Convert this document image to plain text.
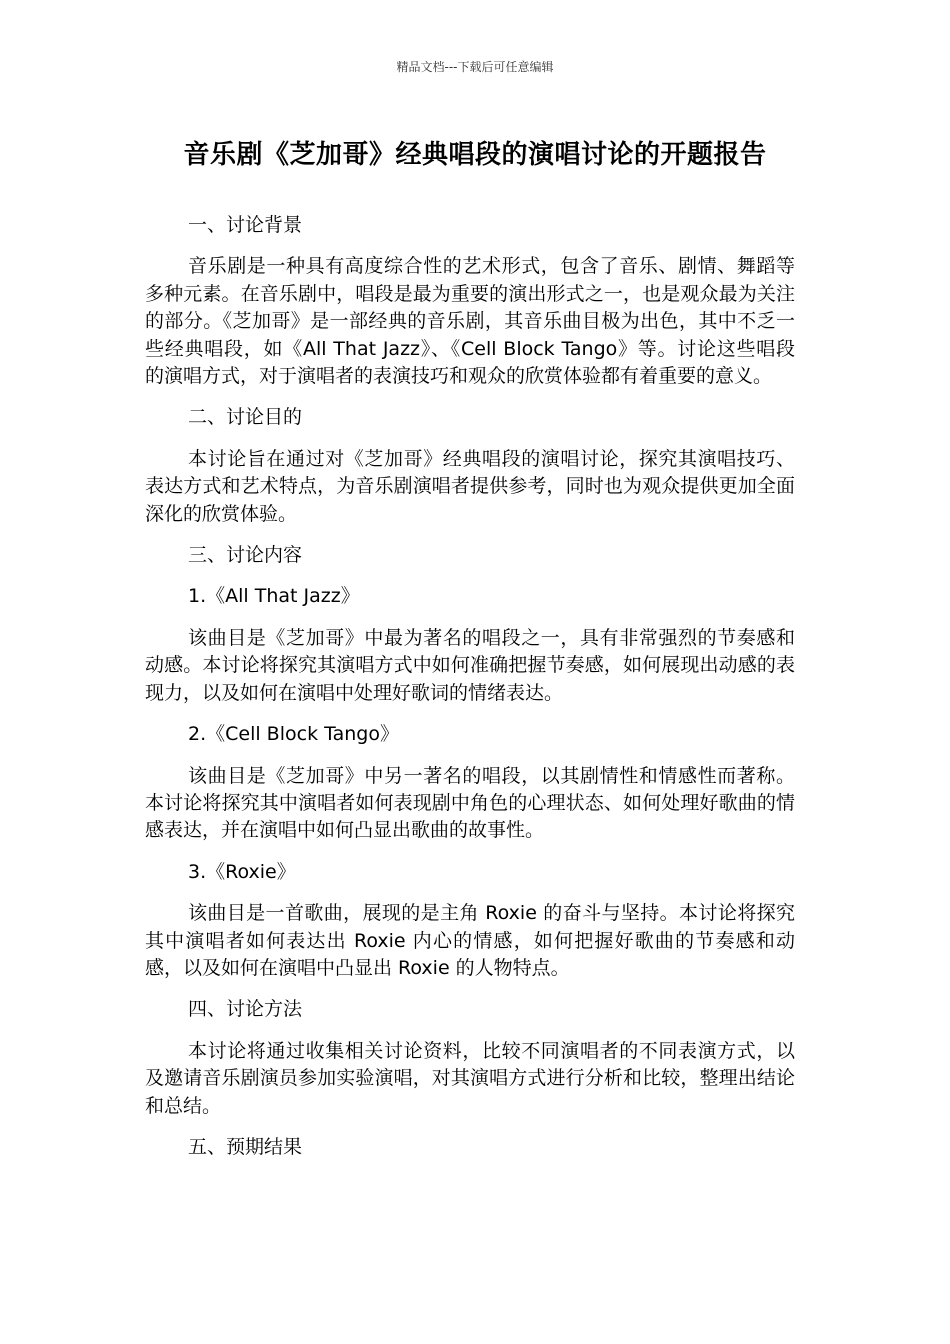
精品文档---下载后可任意编辑
音乐剧《芝加哥》经典唱段的演唱讨论的开题报告
一、讨论背景
音乐剧是一种具有高度综合性的艺术形式，包含了音乐、剧情、舞蹈等多种元素。在音乐剧中，唱段是最为重要的演出形式之一，也是观众最为关注的部分。《芝加哥》是一部经典的音乐剧，其音乐曲目极为出色，其中不乏一些经典唱段，如《All That Jazz》、《Cell Block Tango》等。讨论这些唱段的演唱方式，对于演唱者的表演技巧和观众的欣赏体验都有着重要的意义。
二、讨论目的
本讨论旨在通过对《芝加哥》经典唱段的演唱讨论，探究其演唱技巧、表达方式和艺术特点，为音乐剧演唱者提供参考，同时也为观众提供更加全面深化的欣赏体验。
三、讨论内容
1.《All That Jazz》
该曲目是《芝加哥》中最为著名的唱段之一，具有非常强烈的节奏感和动感。本讨论将探究其演唱方式中如何准确把握节奏感，如何展现出动感的表现力，以及如何在演唱中处理好歌词的情绪表达。
2.《Cell Block Tango》
该曲目是《芝加哥》中另一著名的唱段，以其剧情性和情感性而著称。本讨论将探究其中演唱者如何表现剧中角色的心理状态、如何处理好歌曲的情感表达，并在演唱中如何凸显出歌曲的故事性。
3.《Roxie》
该曲目是一首歌曲，展现的是主角 Roxie 的奋斗与坚持。本讨论将探究其中演唱者如何表达出 Roxie 内心的情感，如何把握好歌曲的节奏感和动感，以及如何在演唱中凸显出 Roxie 的人物特点。
四、讨论方法
本讨论将通过收集相关讨论资料，比较不同演唱者的不同表演方式，以及邀请音乐剧演员参加实验演唱，对其演唱方式进行分析和比较，整理出结论和总结。
五、预期结果
